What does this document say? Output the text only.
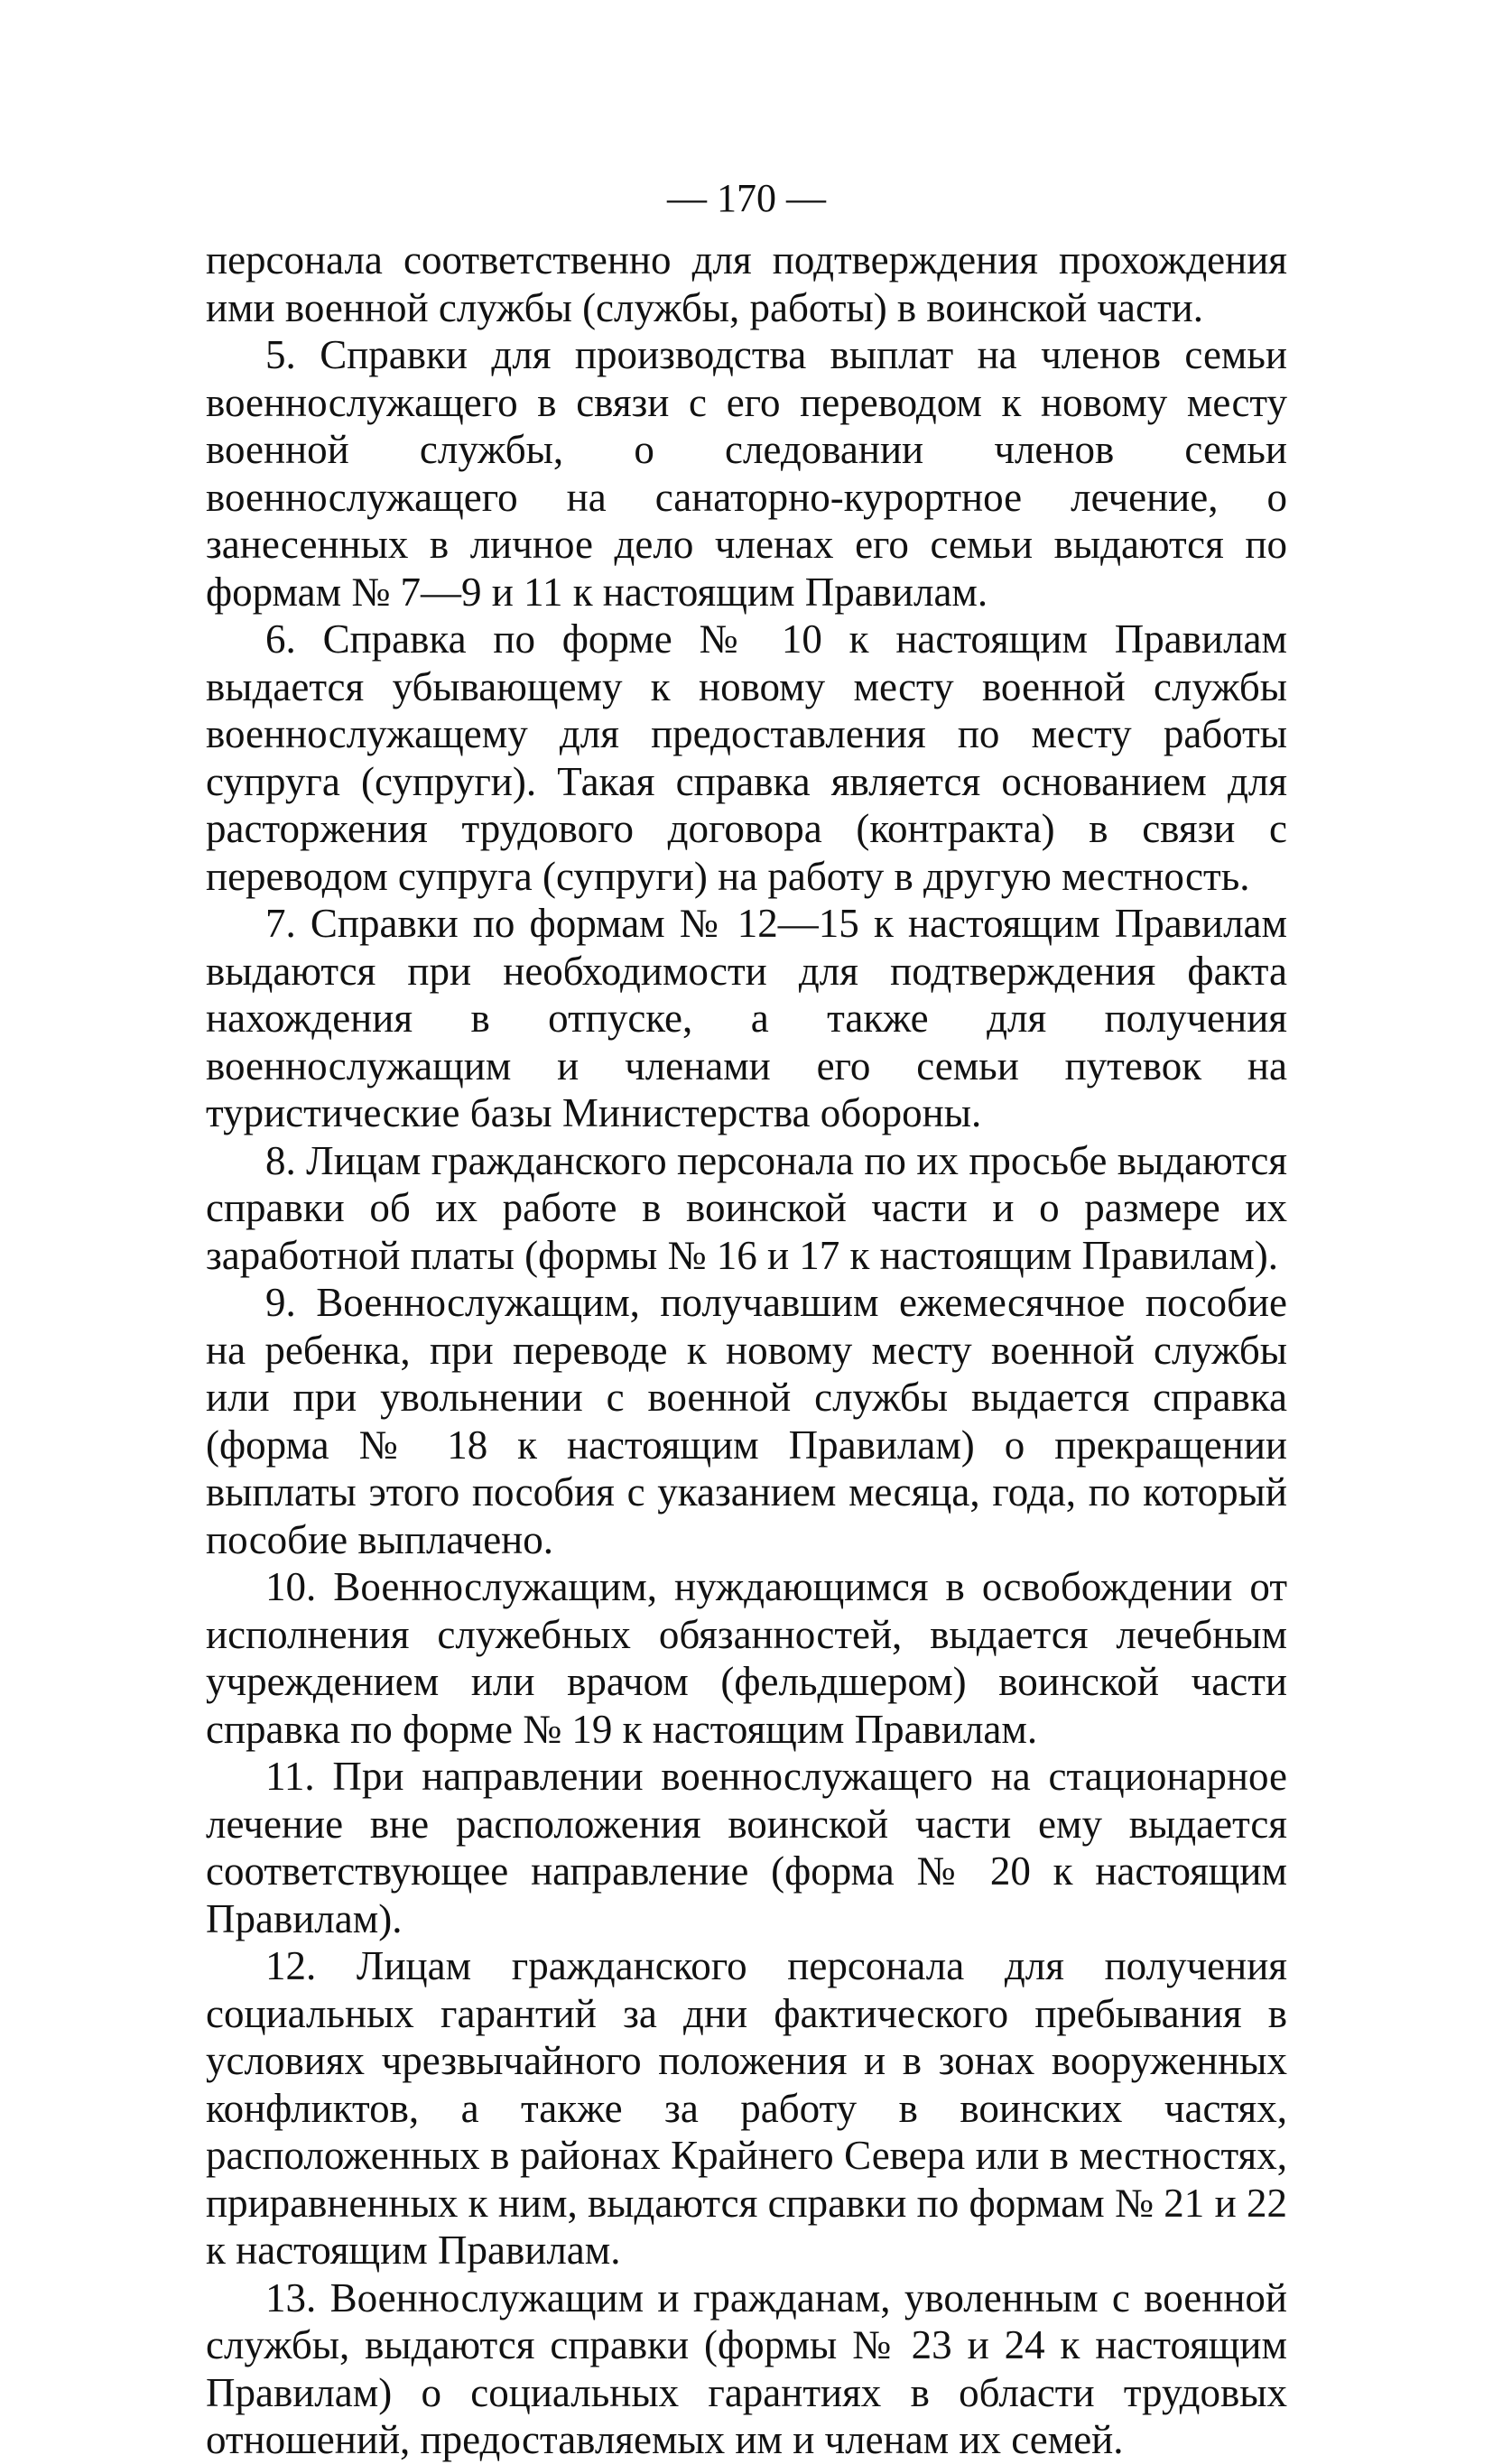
— 170 —

персонала соответственно для подтверждения прохождения ими военной службы (службы, работы) в воинской части.

5. Справки для производства выплат на членов семьи военнослужащего в связи с его переводом к новому месту военной службы, о следовании членов семьи военнослужащего на санаторно-курортное лечение, о занесенных в личное дело членах его семьи выдаются по формам № 7—9 и 11 к настоящим Правилам.

6. Справка по форме № 10 к настоящим Правилам выдается убывающему к новому месту военной службы военнослужащему для предоставления по месту работы супруга (супруги). Такая справка является основанием для расторжения трудового договора (контракта) в связи с переводом супруга (супруги) на работу в другую местность.

7. Справки по формам № 12—15 к настоящим Правилам выдаются при необходимости для подтверждения факта нахождения в отпуске, а также для получения военнослужащим и членами его семьи путевок на туристические базы Министерства обороны.

8. Лицам гражданского персонала по их просьбе выдаются справки об их работе в воинской части и о размере их заработной платы (формы № 16 и 17 к настоящим Правилам).

9. Военнослужащим, получавшим ежемесячное пособие на ребенка, при переводе к новому месту военной службы или при увольнении с военной службы выдается справка (форма № 18 к настоящим Правилам) о прекращении выплаты этого пособия с указанием месяца, года, по который пособие выплачено.

10. Военнослужащим, нуждающимся в освобождении от исполнения служебных обязанностей, выдается лечебным учреждением или врачом (фельдшером) воинской части справка по форме № 19 к настоящим Правилам.

11. При направлении военнослужащего на стационарное лечение вне расположения воинской части ему выдается соответствующее направление (форма № 20 к настоящим Правилам).

12. Лицам гражданского персонала для получения социальных гарантий за дни фактического пребывания в условиях чрезвычайного положения и в зонах вооруженных конфликтов, а также за работу в воинских частях, расположенных в районах Крайнего Севера или в местностях, приравненных к ним, выдаются справки по формам № 21 и 22 к настоящим Правилам.

13. Военнослужащим и гражданам, уволенным с военной службы, выдаются справки (формы № 23 и 24 к настоящим Правилам) о социальных гарантиях в области трудовых отношений, предоставляемых им и членам их семей.
